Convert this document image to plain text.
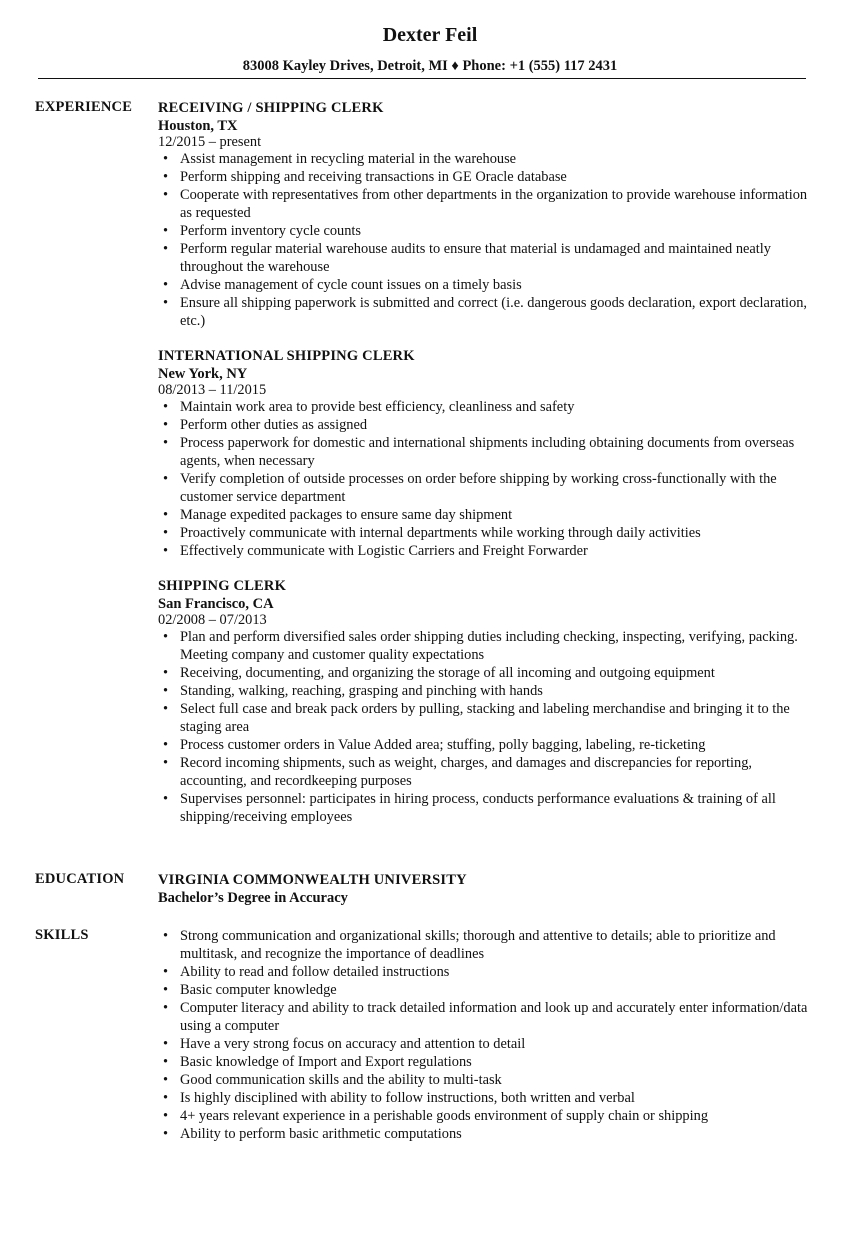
Dexter Feil
83008 Kayley Drives, Detroit, MI ♦ Phone: +1 (555) 117 2431
EXPERIENCE RECEIVING / SHIPPING CLERK
Houston, TX
12/2015 – present
• Assist management in recycling material in the warehouse
• Perform shipping and receiving transactions in GE Oracle database
• Cooperate with representatives from other departments in the organization to provide warehouse information as requested
• Perform inventory cycle counts
• Perform regular material warehouse audits to ensure that material is undamaged and maintained neatly throughout the warehouse
• Advise management of cycle count issues on a timely basis
• Ensure all shipping paperwork is submitted and correct (i.e. dangerous goods declaration, export declaration, etc.)
INTERNATIONAL SHIPPING CLERK
New York, NY
08/2013 – 11/2015
• Maintain work area to provide best efficiency, cleanliness and safety
• Perform other duties as assigned
• Process paperwork for domestic and international shipments including obtaining documents from overseas agents, when necessary
• Verify completion of outside processes on order before shipping by working cross-functionally with the customer service department
• Manage expedited packages to ensure same day shipment
• Proactively communicate with internal departments while working through daily activities
• Effectively communicate with Logistic Carriers and Freight Forwarder
SHIPPING CLERK
San Francisco, CA
02/2008 – 07/2013
• Plan and perform diversified sales order shipping duties including checking, inspecting, verifying, packing. Meeting company and customer quality expectations
• Receiving, documenting, and organizing the storage of all incoming and outgoing equipment
• Standing, walking, reaching, grasping and pinching with hands
• Select full case and break pack orders by pulling, stacking and labeling merchandise and bringing it to the staging area
• Process customer orders in Value Added area; stuffing, polly bagging, labeling, re-ticketing
• Record incoming shipments, such as weight, charges, and damages and discrepancies for reporting, accounting, and recordkeeping purposes
• Supervises personnel: participates in hiring process, conducts performance evaluations & training of all shipping/receiving employees
EDUCATION VIRGINIA COMMONWEALTH UNIVERSITY
Bachelor’s Degree in Accuracy
SKILLS	• Strong communication and organizational skills; thorough and attentive to details; able to prioritize and multitask, and recognize the importance of deadlines
• Ability to read and follow detailed instructions
• Basic computer knowledge
• Computer literacy and ability to track detailed information and look up and accurately enter information/data using a computer
• Have a very strong focus on accuracy and attention to detail
• Basic knowledge of Import and Export regulations
• Good communication skills and the ability to multi-task
• Is highly disciplined with ability to follow instructions, both written and verbal
• 4+ years relevant experience in a perishable goods environment of supply chain or shipping
• Ability to perform basic arithmetic computations
